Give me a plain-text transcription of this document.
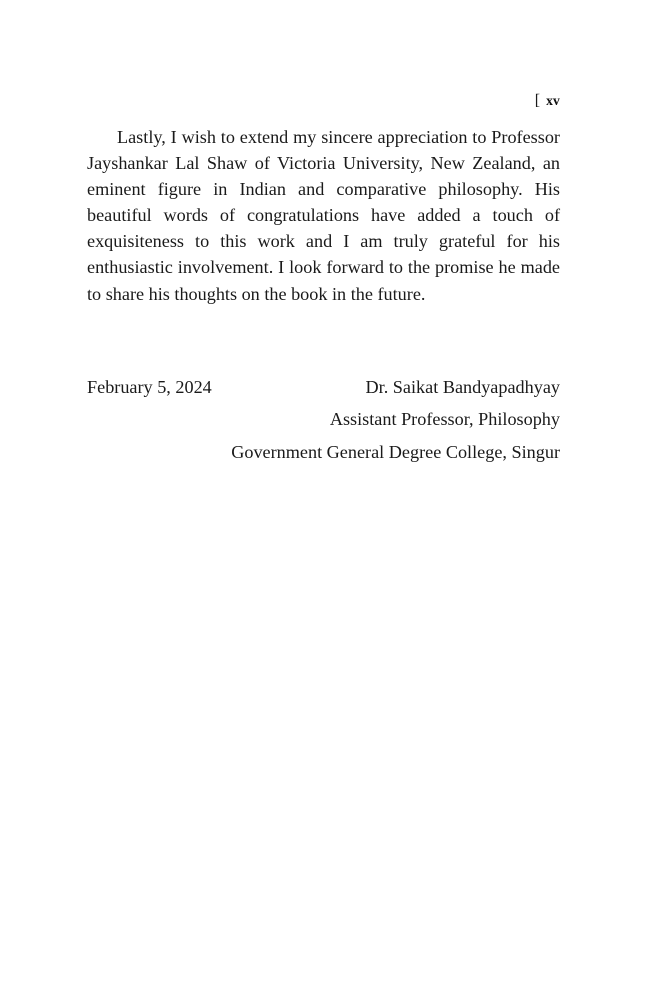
[ xv

Lastly, I wish to extend my sincere appreciation to Professor Jayshankar Lal Shaw of Victoria University, New Zealand, an eminent figure in Indian and comparative philosophy. His beautiful words of congratulations have added a touch of exquisiteness to this work and I am truly grateful for his enthusiastic involvement. I look forward to the promise he made to share his thoughts on the book in the future.

February 5, 2024	Dr. Saikat Bandyapadhyay
Assistant Professor, Philosophy
Government General Degree College, Singur
